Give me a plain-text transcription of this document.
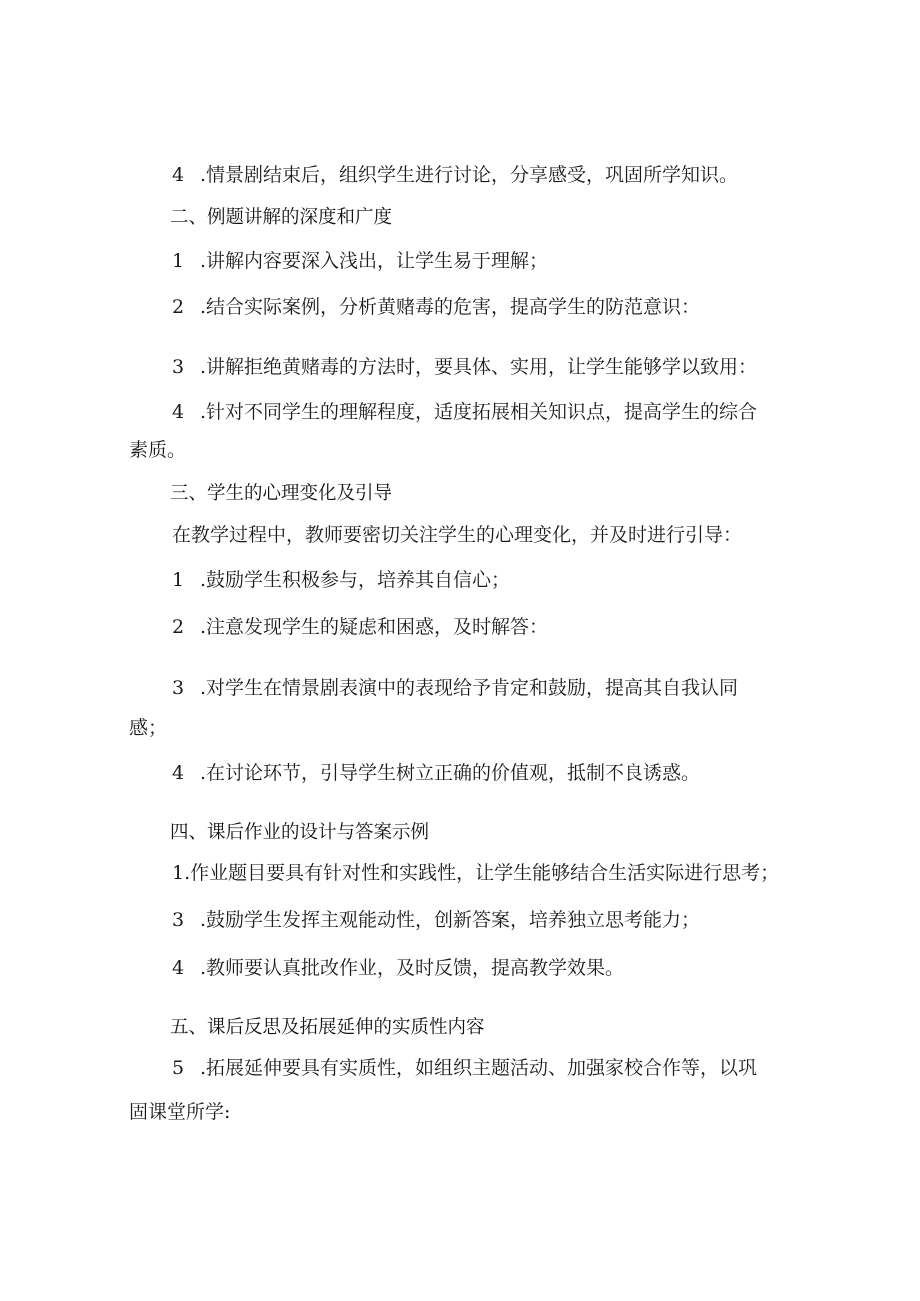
4 .情景剧结束后，组织学生进行讨论，分享感受，巩固所学知识。
二、例题讲解的深度和广度
1 .讲解内容要深入浅出，让学生易于理解；
2 .结合实际案例，分析黄赌毒的危害，提高学生的防范意识：
3 .讲解拒绝黄赌毒的方法时，要具体、实用，让学生能够学以致用：
4 .针对不同学生的理解程度，适度拓展相关知识点，提高学生的综合
素质。
三、学生的心理变化及引导
在教学过程中，教师要密切关注学生的心理变化，并及时进行引导：
1 .鼓励学生积极参与，培养其自信心；
2 .注意发现学生的疑虑和困惑，及时解答：
3 .对学生在情景剧表演中的表现给予肯定和鼓励，提高其自我认同
感；
4 .在讨论环节，引导学生树立正确的价值观，抵制不良诱惑。
四、课后作业的设计与答案示例
1.作业题目要具有针对性和实践性，让学生能够结合生活实际进行思考；
3 .鼓励学生发挥主观能动性，创新答案，培养独立思考能力；
4 .教师要认真批改作业，及时反馈，提高教学效果。
五、课后反思及拓展延伸的实质性内容
5 .拓展延伸要具有实质性，如组织主题活动、加强家校合作等，以巩
固课堂所学:
